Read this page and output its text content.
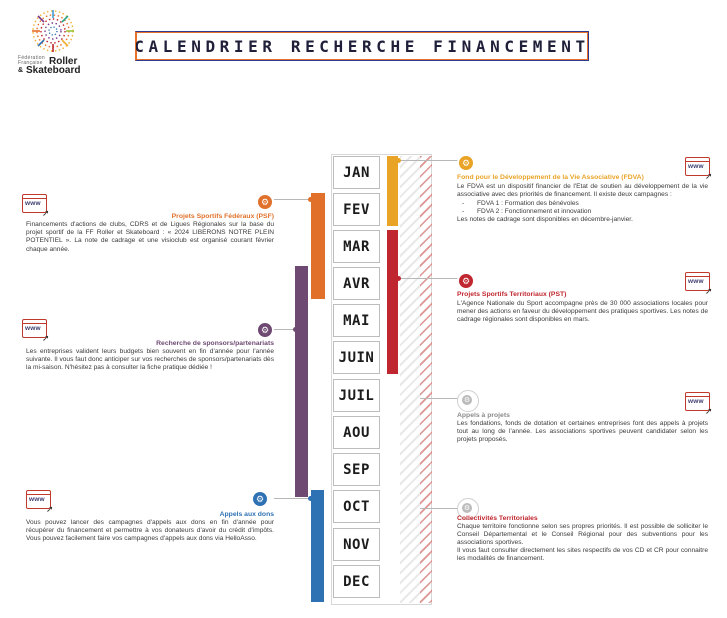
Fédération
Française Roller
& Skateboard
CALENDRIER RECHERCHE FINANCEMENT
JAN
FEV
MAR
AVR
MAI
JUIN
JUIL
AOU
SEP
OCT
NOV
DEC
⚙
⚙
⚙
⚙
⚙
⚙
⚙
www
➚
www
➚
www
➚
www
➚
www
➚
www
➚
Fond pour le Développement de la Vie Associative (FDVA)
Le FDVA est un dispositif financier de l'Etat de soutien au développement de la vie associative avec des priorités de financement. Il existe deux campagnes :
-       FDVA 1 : Formation des bénévoles
-       FDVA 2 : Fonctionnement et innovation
Les notes de cadrage sont disponibles en décembre-janvier.
Projets Sportifs Territoriaux (PST)
L'Agence Nationale du Sport accompagne près de 30 000 associations locales pour mener des actions en faveur du développement des pratiques sportives. Les notes de cadrage régionales sont disponibles en mars.
Appels à projets
Les fondations, fonds de dotation et certaines entreprises font des appels à projets tout au long de l'année. Les associations sportives peuvent candidater selon les projets proposés.
Collectivités Territoriales
Chaque territoire fonctionne selon ses propres priorités. Il est possible de solliciter le Conseil Départemental et le Conseil Régional pour des subventions pour les associations sportives.
Il vous faut consulter directement les sites respectifs de vos CD et CR pour connaitre les modalités de financement.
Projets Sportifs Fédéraux (PSF)
Financements d'actions de clubs, CDRS et de Ligues Régionales sur la base du projet sportif de la FF Roller et Skateboard : « 2024 LIBERONS NOTRE PLEIN POTENTIEL ». La note de cadrage et une visioclub est organisé courant février chaque année.
Recherche de sponsors/partenariats
Les entreprises valident leurs budgets bien souvent en fin d'année pour l'année suivante. Il vous faut donc anticiper sur vos recherches de sponsors/partenariats dès la mi-saison. N'hésitez pas à consulter la fiche pratique dédiée !
Appels aux dons
Vous pouvez lancer des campagnes d'appels aux dons en fin d'année pour récupérer du financement et permettre à vos donateurs d'avoir du crédit d'impôts. Vous pouvez facilement faire vos campagnes d'appels aux dons via HelloAsso.
